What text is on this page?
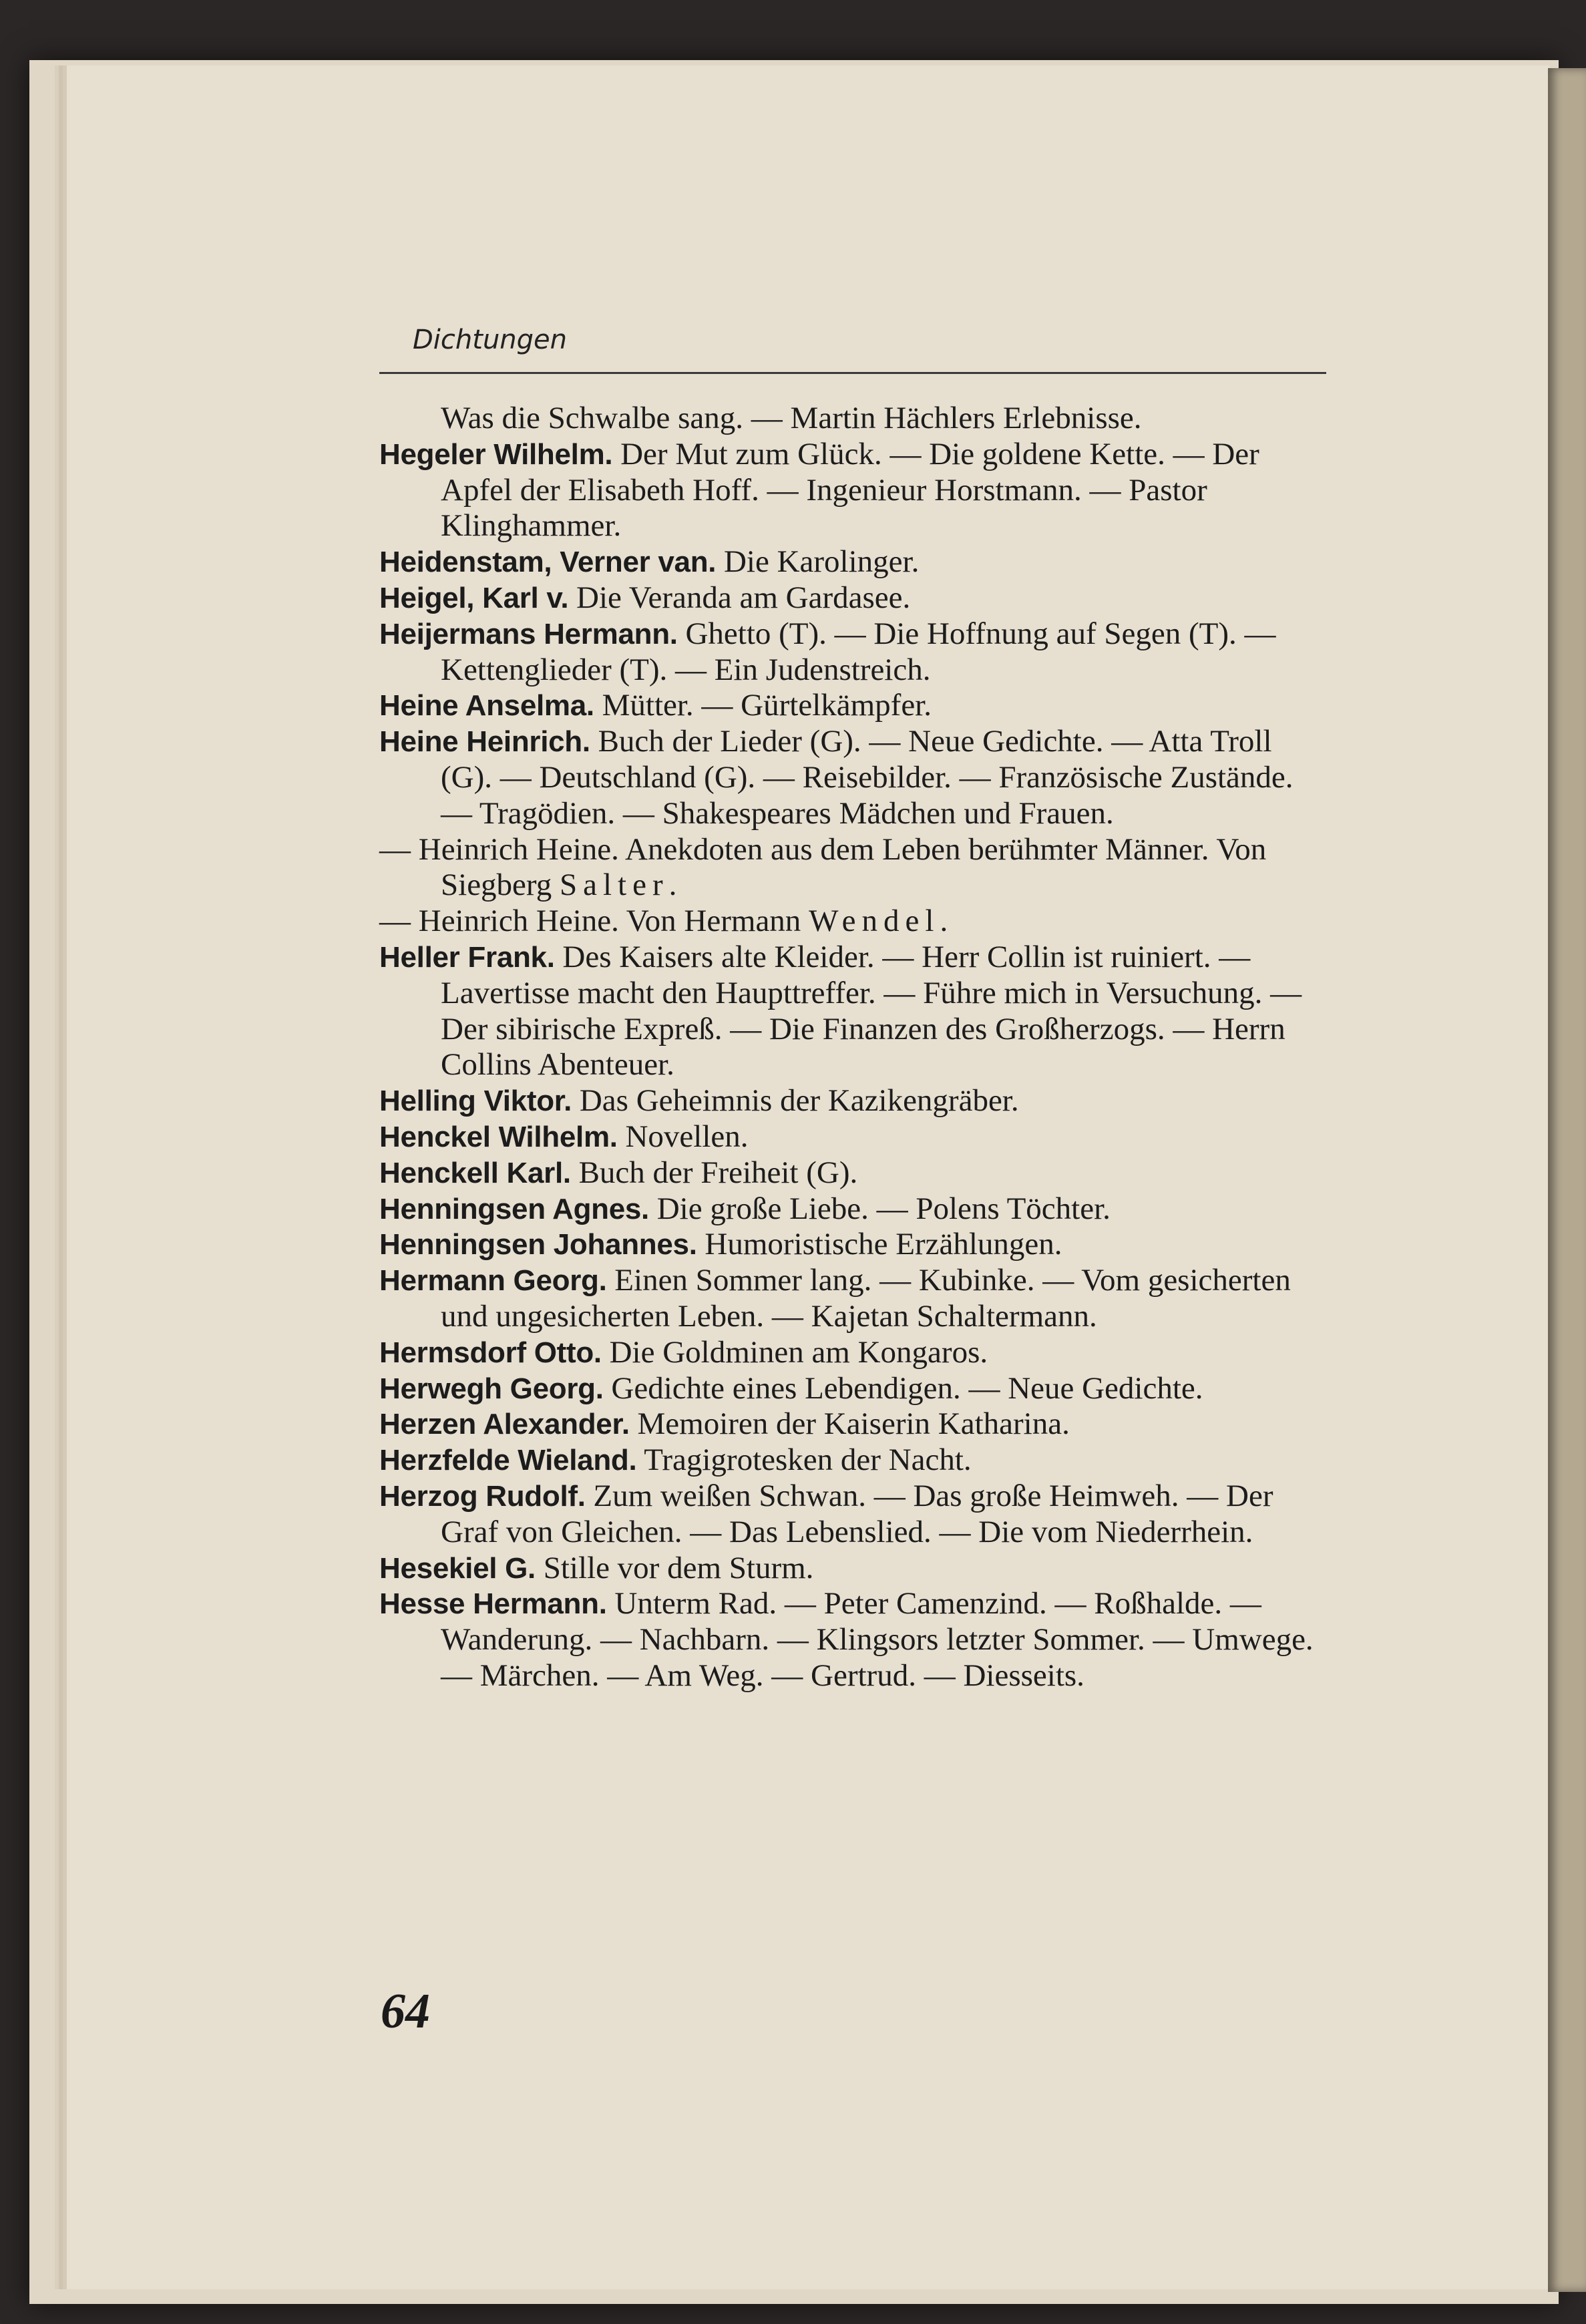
Dichtungen

Was die Schwalbe sang. — Martin Hächlers Erlebnisse.

Hegeler Wilhelm. Der Mut zum Glück. — Die goldene Kette. — Der Apfel der Elisabeth Hoff. — Ingenieur Horstmann. — Pastor Klinghammer.

Heidenstam, Verner van. Die Karolinger.

Heigel, Karl v. Die Veranda am Gardasee.

Heijermans Hermann. Ghetto (T). — Die Hoffnung auf Segen (T). — Kettenglieder (T). — Ein Judenstreich.

Heine Anselma. Mütter. — Gürtelkämpfer.

Heine Heinrich. Buch der Lieder (G). — Neue Gedichte. — Atta Troll (G). — Deutschland (G). — Reisebilder. — Französische Zustände. — Tragödien. — Shakespeares Mädchen und Frauen.

— Heinrich Heine. Anekdoten aus dem Leben berühmter Männer. Von Siegberg Salter.

— Heinrich Heine. Von Hermann Wendel.

Heller Frank. Des Kaisers alte Kleider. — Herr Collin ist ruiniert. — Lavertisse macht den Haupttreffer. — Führe mich in Versuchung. — Der sibirische Expreß. — Die Finanzen des Großherzogs. — Herrn Collins Abenteuer.

Helling Viktor. Das Geheimnis der Kazikengräber.

Henckel Wilhelm. Novellen.

Henckell Karl. Buch der Freiheit (G).

Henningsen Agnes. Die große Liebe. — Polens Töchter.

Henningsen Johannes. Humoristische Erzählungen.

Hermann Georg. Einen Sommer lang. — Kubinke. — Vom gesicherten und ungesicherten Leben. — Kajetan Schaltermann.

Hermsdorf Otto. Die Goldminen am Kongaros.

Herwegh Georg. Gedichte eines Lebendigen. — Neue Gedichte.

Herzen Alexander. Memoiren der Kaiserin Katharina.

Herzfelde Wieland. Tragigrotesken der Nacht.

Herzog Rudolf. Zum weißen Schwan. — Das große Heimweh. — Der Graf von Gleichen. — Das Lebenslied. — Die vom Niederrhein.

Hesekiel G. Stille vor dem Sturm.

Hesse Hermann. Unterm Rad. — Peter Camenzind. — Roßhalde. — Wanderung. — Nachbarn. — Klingsors letzter Sommer. — Umwege. — Märchen. — Am Weg. — Gertrud. — Diesseits.

64
